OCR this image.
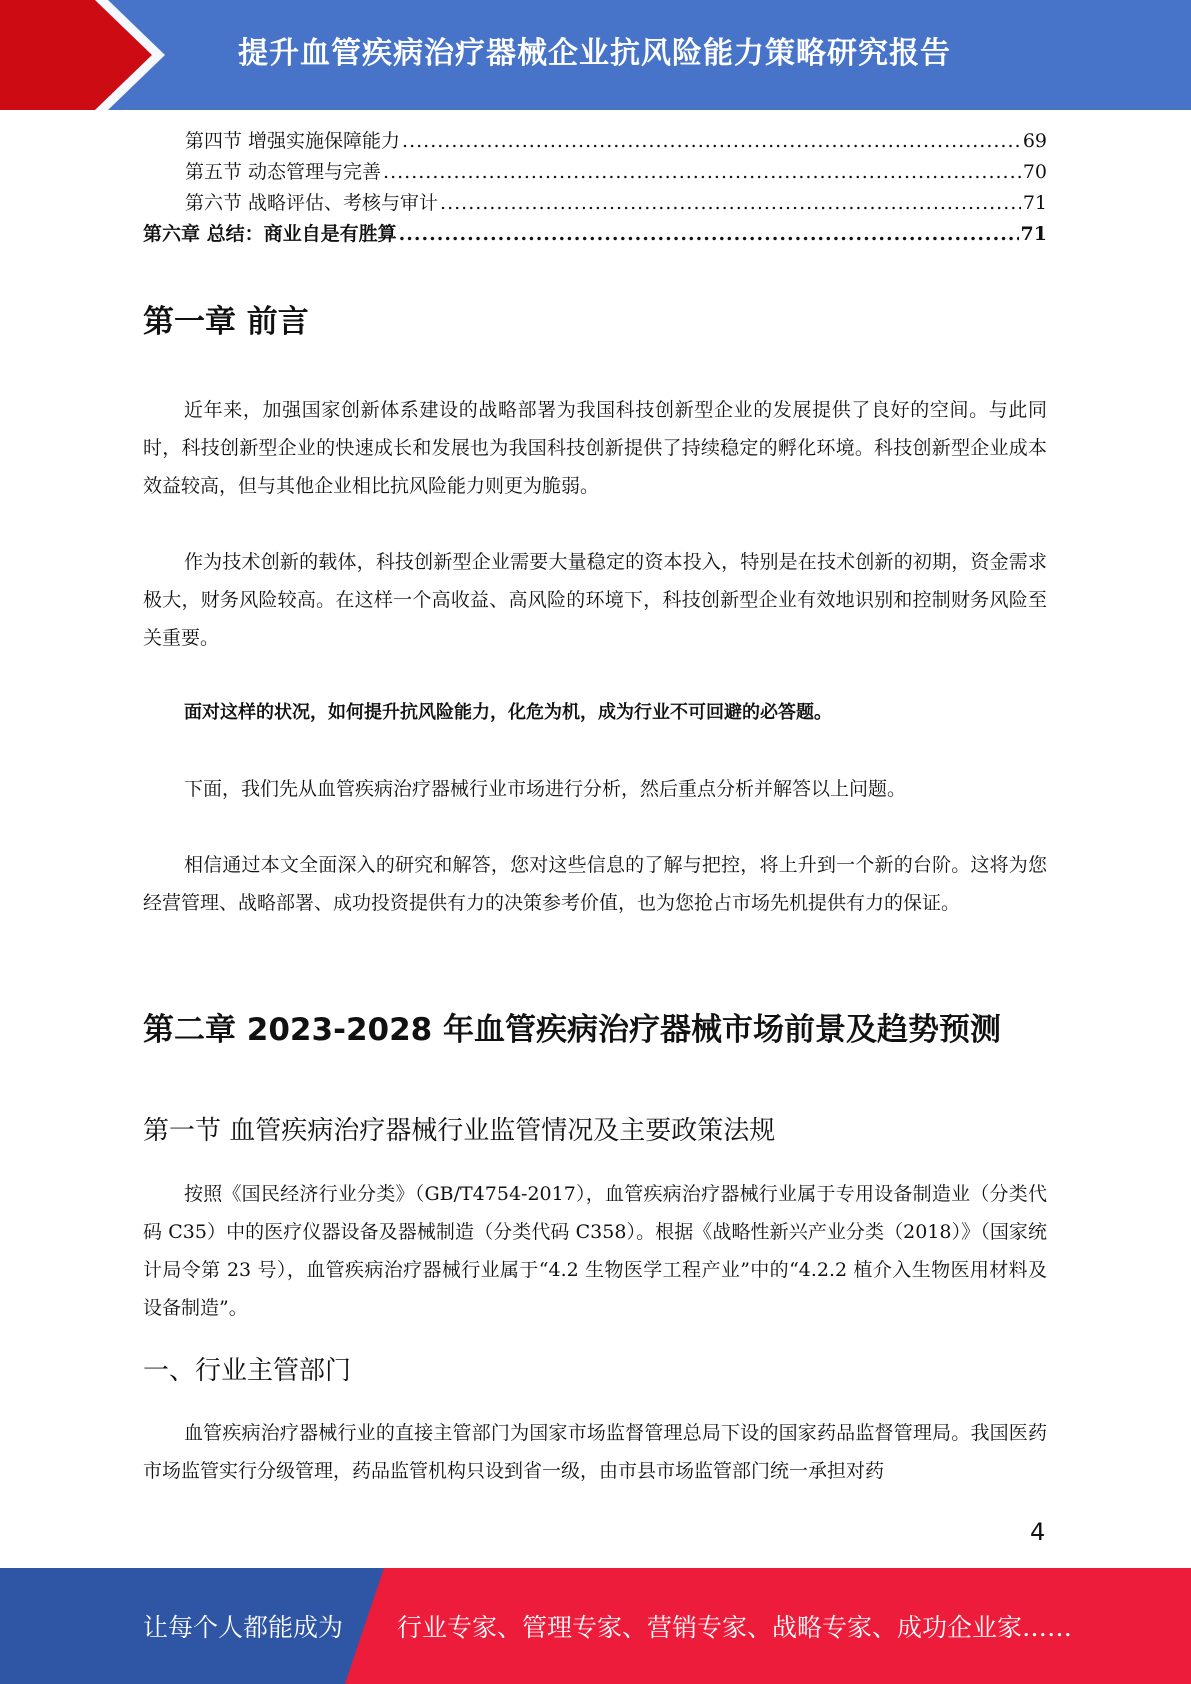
提升血管疾病治疗器械企业抗风险能力策略研究报告
第四节 增强实施保障能力 .....	69
第五节 动态管理与完善 .....	70
第六节 战略评估、考核与审计 .....	71
第六章 总结：商业自是有胜算 .....	71
第一章 前言

近年来，加强国家创新体系建设的战略部署为我国科技创新型企业的发展提供了良好的空间。与此同时，科技创新型企业的快速成长和发展也为我国科技创新提供了持续稳定的孵化环境。科技创新型企业成本效益较高，但与其他企业相比抗风险能力则更为脆弱。

作为技术创新的载体，科技创新型企业需要大量稳定的资本投入，特别是在技术创新的初期，资金需求极大，财务风险较高。在这样一个高收益、高风险的环境下，科技创新型企业有效地识别和控制财务风险至关重要。

面对这样的状况，如何提升抗风险能力，化危为机，成为行业不可回避的必答题。

下面，我们先从血管疾病治疗器械行业市场进行分析，然后重点分析并解答以上问题。

相信通过本文全面深入的研究和解答，您对这些信息的了解与把控，将上升到一个新的台阶。这将为您经营管理、战略部署、成功投资提供有力的决策参考价值，也为您抢占市场先机提供有力的保证。

第二章 2023-2028 年血管疾病治疗器械市场前景及趋势预测
第一节 血管疾病治疗器械行业监管情况及主要政策法规

按照《国民经济行业分类》（GB/T4754-2017），血管疾病治疗器械行业属于专用设备制造业（分类代码 C35）中的医疗仪器设备及器械制造（分类代码 C358）。根据《战略性新兴产业分类（2018）》（国家统计局令第 23 号），血管疾病治疗器械行业属于“4.2 生物医学工程产业”中的“4.2.2 植介入生物医用材料及设备制造”。

一、行业主管部门

血管疾病治疗器械行业的直接主管部门为国家市场监督管理总局下设的国家药品监督管理局。我国医药市场监管实行分级管理，药品监管机构只设到省一级，由市县市场监管部门统一承担对药

4
让每个人都能成为 行业专家、管理专家、营销专家、战略专家、成功企业家……
